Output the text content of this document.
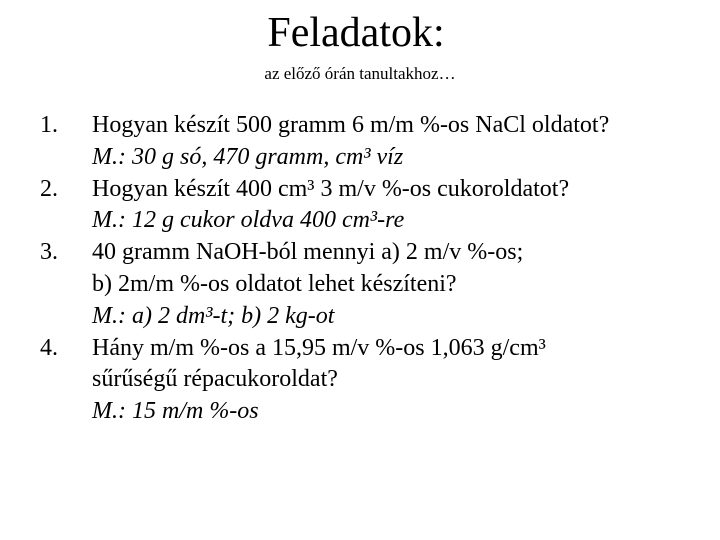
Feladatok:
az előző órán tanultakhoz…
1. Hogyan készít 500 gramm 6 m/m %-os NaCl oldatot?
M.: 30 g só, 470 gramm, cm³ víz
2. Hogyan készít 400 cm³ 3 m/v %-os cukoroldatot?
M.: 12 g cukor oldva 400 cm³-re
3. 40 gramm NaOH-ból mennyi a) 2 m/v %-os;
b) 2m/m %-os oldatot lehet készíteni?
M.: a) 2 dm³-t; b) 2 kg-ot
4. Hány m/m %-os a 15,95 m/v %-os 1,063 g/cm³
sűrűségű répacukoroldat?
M.: 15 m/m %-os
